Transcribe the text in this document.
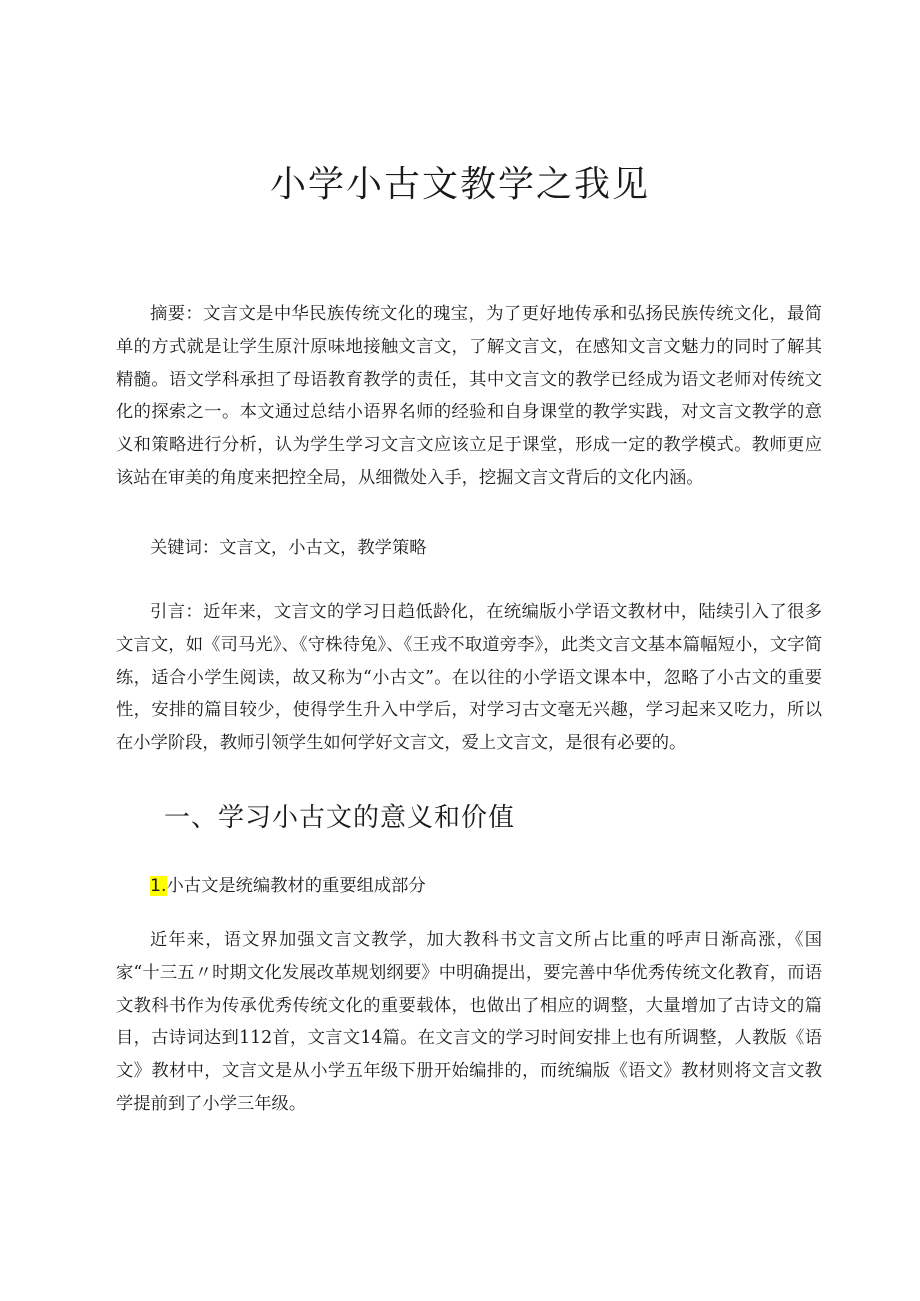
小学小古文教学之我见

摘要：文言文是中华民族传统文化的瑰宝，为了更好地传承和弘扬民族传统文化，最简单的方式就是让学生原汁原味地接触文言文，了解文言文，在感知文言文魅力的同时了解其精髓。语文学科承担了母语教育教学的责任，其中文言文的教学已经成为语文老师对传统文化的探索之一。本文通过总结小语界名师的经验和自身课堂的教学实践，对文言文教学的意义和策略进行分析，认为学生学习文言文应该立足于课堂，形成一定的教学模式。教师更应该站在审美的角度来把控全局，从细微处入手，挖掘文言文背后的文化内涵。

关键词：文言文，小古文，教学策略

引言：近年来，文言文的学习日趋低龄化，在统编版小学语文教材中，陆续引入了很多文言文，如《司马光》、《守株待兔》、《王戎不取道旁李》，此类文言文基本篇幅短小，文字简练，适合小学生阅读，故又称为“小古文”。在以往的小学语文课本中，忽略了小古文的重要性，安排的篇目较少，使得学生升入中学后，对学习古文毫无兴趣，学习起来又吃力，所以在小学阶段，教师引领学生如何学好文言文，爱上文言文，是很有必要的。

一、学习小古文的意义和价值
1.小古文是统编教材的重要组成部分

近年来，语文界加强文言文教学，加大教科书文言文所占比重的呼声日渐高涨，《国家“十三五〃时期文化发展改革规划纲要》中明确提出，要完善中华优秀传统文化教育，而语文教科书作为传承优秀传统文化的重要载体，也做出了相应的调整，大量增加了古诗文的篇目，古诗词达到112首，文言文14篇。在文言文的学习时间安排上也有所调整，人教版《语文》教材中，文言文是从小学五年级下册开始编排的，而统编版《语文》教材则将文言文教学提前到了小学三年级。
